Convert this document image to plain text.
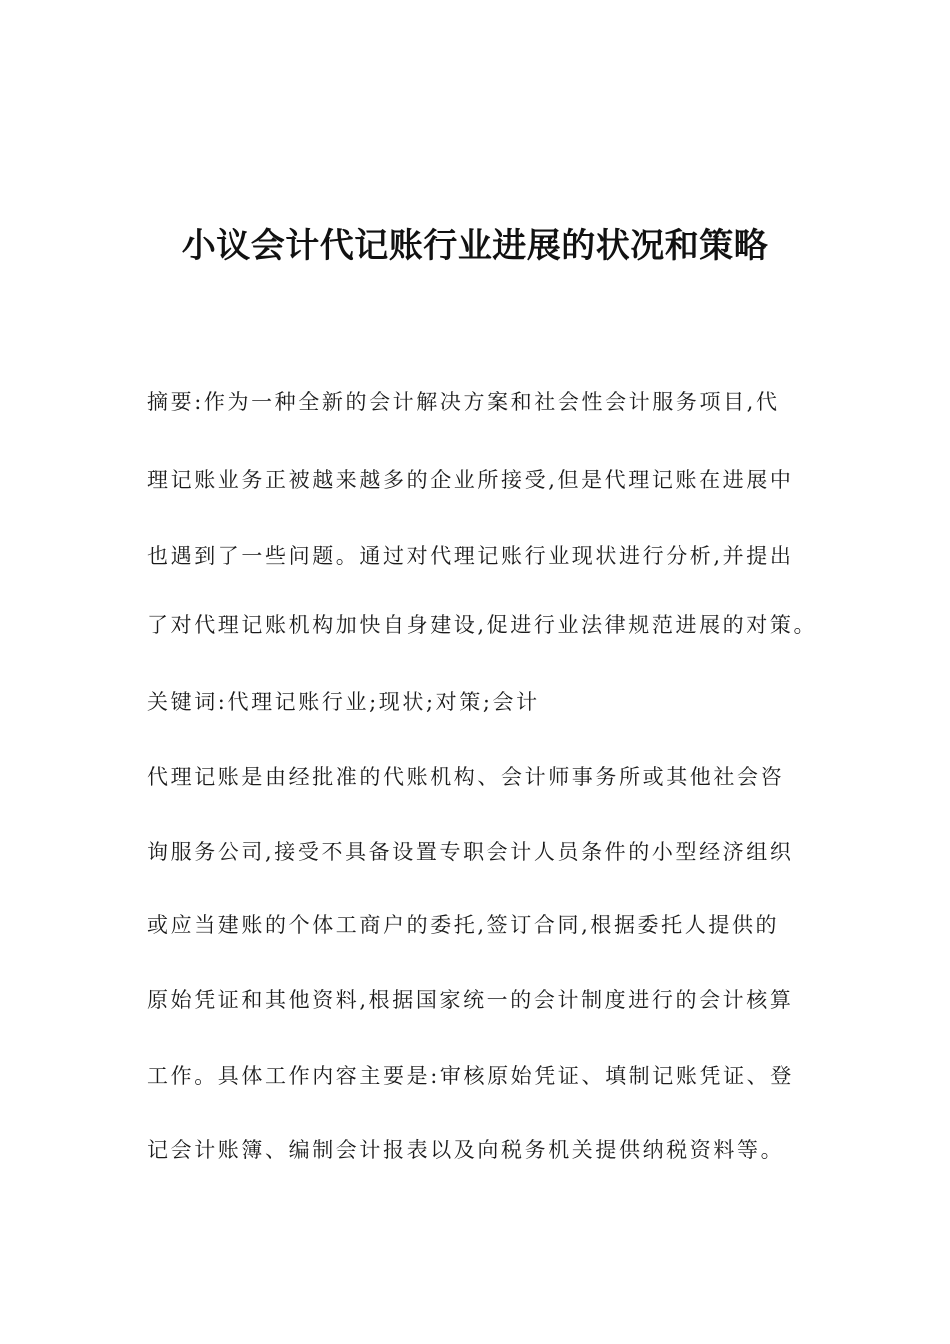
小议会计代记账行业进展的状况和策略

摘要:作为一种全新的会计解决方案和社会性会计服务项目,代

理记账业务正被越来越多的企业所接受,但是代理记账在进展中

也遇到了一些问题。通过对代理记账行业现状进行分析,并提出

了对代理记账机构加快自身建设,促进行业法律规范进展的对策。

关键词:代理记账行业;现状;对策;会计

代理记账是由经批准的代账机构、会计师事务所或其他社会咨

询服务公司,接受不具备设置专职会计人员条件的小型经济组织

或应当建账的个体工商户的委托,签订合同,根据委托人提供的

原始凭证和其他资料,根据国家统一的会计制度进行的会计核算

工作。具体工作内容主要是:审核原始凭证、填制记账凭证、登

记会计账簿、编制会计报表以及向税务机关提供纳税资料等。
